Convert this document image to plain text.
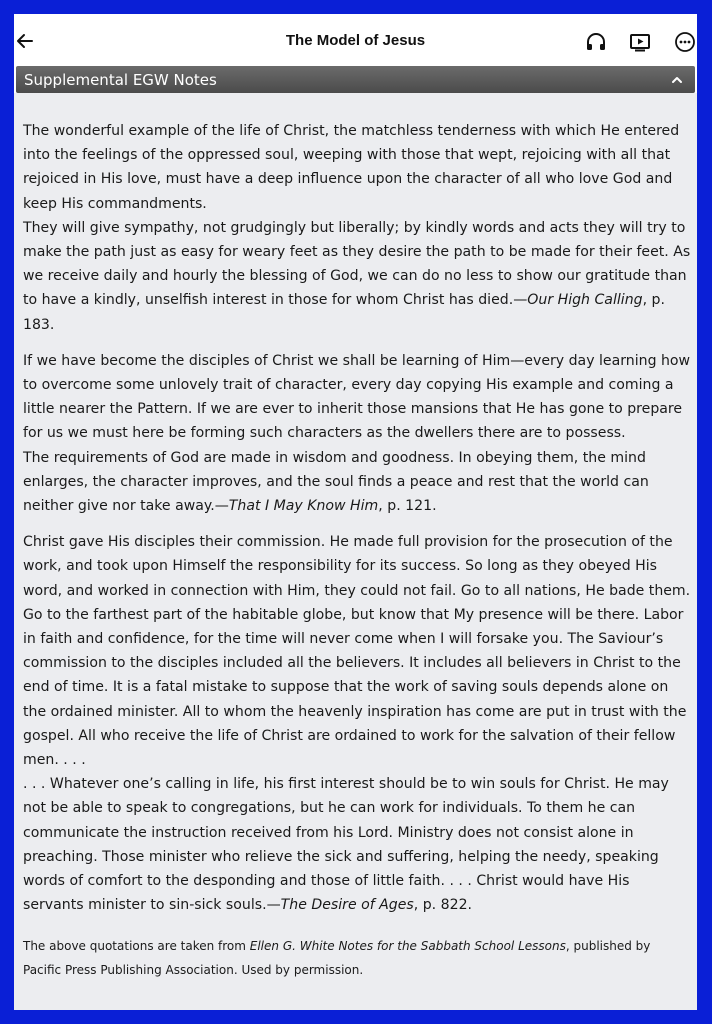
The Model of Jesus
Supplemental EGW Notes

The wonderful example of the life of Christ, the matchless tenderness with which He entered into the feelings of the oppressed soul, weeping with those that wept, rejoicing with all that rejoiced in His love, must have a deep influence upon the character of all who love God and keep His commandments.

They will give sympathy, not grudgingly but liberally; by kindly words and acts they will try to make the path just as easy for weary feet as they desire the path to be made for their feet. As we receive daily and hourly the blessing of God, we can do no less to show our gratitude than to have a kindly, unselfish interest in those for whom Christ has died.—Our High Calling, p. 183.

If we have become the disciples of Christ we shall be learning of Him—every day learning how to overcome some unlovely trait of character, every day copying His example and coming a little nearer the Pattern. If we are ever to inherit those mansions that He has gone to prepare for us we must here be forming such characters as the dwellers there are to possess.

The requirements of God are made in wisdom and goodness. In obeying them, the mind enlarges, the character improves, and the soul finds a peace and rest that the world can neither give nor take away.—That I May Know Him, p. 121.

Christ gave His disciples their commission. He made full provision for the prosecution of the work, and took upon Himself the responsibility for its success. So long as they obeyed His word, and worked in connection with Him, they could not fail. Go to all nations, He bade them. Go to the farthest part of the habitable globe, but know that My presence will be there. Labor in faith and confidence, for the time will never come when I will forsake you. The Saviour’s commission to the disciples included all the believers. It includes all believers in Christ to the end of time. It is a fatal mistake to suppose that the work of saving souls depends alone on the ordained minister. All to whom the heavenly inspiration has come are put in trust with the gospel. All who receive the life of Christ are ordained to work for the salvation of their fellow men. . . .

. . . Whatever one’s calling in life, his first interest should be to win souls for Christ. He may not be able to speak to congregations, but he can work for individuals. To them he can communicate the instruction received from his Lord. Ministry does not consist alone in preaching. Those minister who relieve the sick and suffering, helping the needy, speaking words of comfort to the desponding and those of little faith. . . . Christ would have His servants minister to sin-sick souls.—The Desire of Ages, p. 822.

The above quotations are taken from Ellen G. White Notes for the Sabbath School Lessons, published by Pacific Press Publishing Association. Used by permission.
